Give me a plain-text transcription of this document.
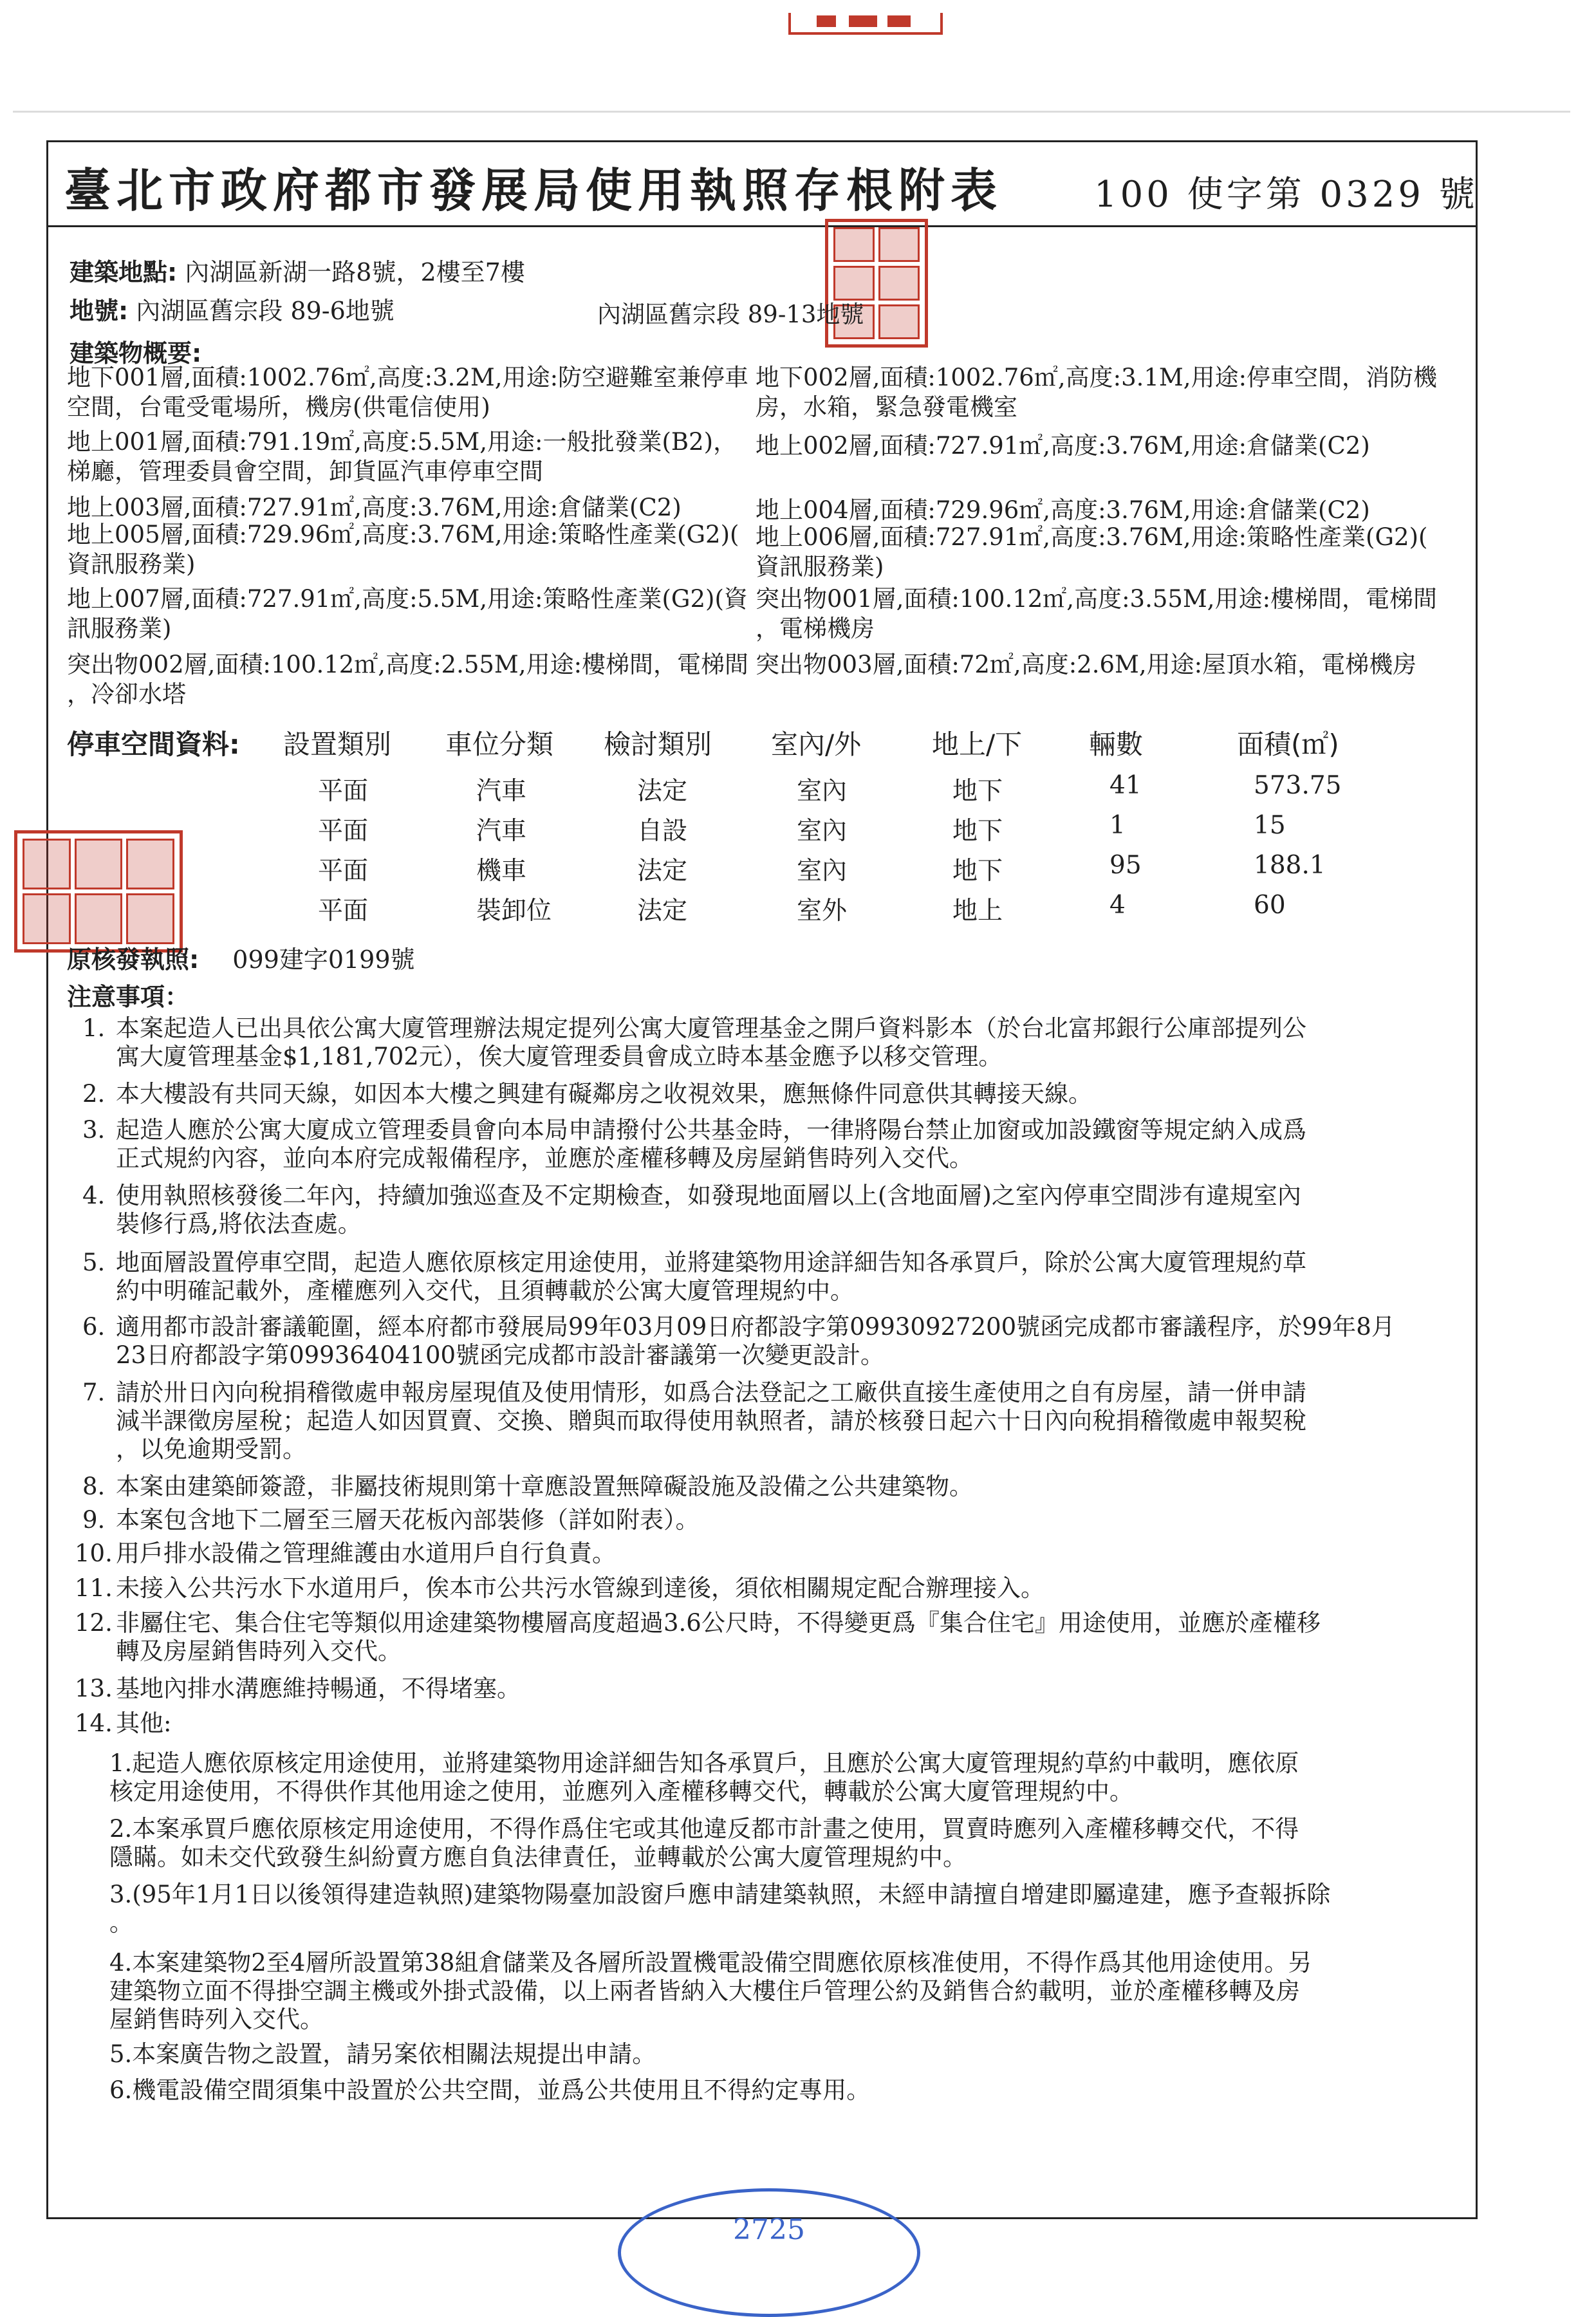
臺北市政府都市發展局使用執照存根附表	100 使字第 0329 號
建築地點: 內湖區新湖一路8號，2樓至7樓
地號: 內湖區舊宗段 89-6地號	內湖區舊宗段 89-13地號
建築物概要:
地下001層,面積:1002.76㎡,高度:3.2M,用途:防空避難室兼停車
空間，台電受電場所，機房(供電信使用)
地下002層,面積:1002.76㎡,高度:3.1M,用途:停車空間，消防機
房，水箱，緊急發電機室
地上001層,面積:791.19㎡,高度:5.5M,用途:一般批發業(B2)，
梯廳，管理委員會空間，卸貨區汽車停車空間
地上002層,面積:727.91㎡,高度:3.76M,用途:倉儲業(C2)
地上003層,面積:727.91㎡,高度:3.76M,用途:倉儲業(C2)	地上004層,面積:729.96㎡,高度:3.76M,用途:倉儲業(C2)
地上005層,面積:729.96㎡,高度:3.76M,用途:策略性產業(G2)(
資訊服務業)
地上006層,面積:727.91㎡,高度:3.76M,用途:策略性產業(G2)(
資訊服務業)
地上007層,面積:727.91㎡,高度:5.5M,用途:策略性產業(G2)(資
訊服務業)
突出物001層,面積:100.12㎡,高度:3.55M,用途:樓梯間，電梯間
，電梯機房
突出物002層,面積:100.12㎡,高度:2.55M,用途:樓梯間，電梯間
，冷卻水塔
突出物003層,面積:72㎡,高度:2.6M,用途:屋頂水箱，電梯機房
停車空間資料: 設置類別 車位分類 檢討類別 室內/外	地上/下 輛數	面積(㎡)
平面	汽車	法定	室內	地下	41	573.75
平面	汽車	自設	室內	地下	1	15
平面	機車	法定	室內	地下	95	188.1
平面	裝卸位	法定	室外	地上	4	60
原核發執照: 099建字0199號
注意事項：
1. 本案起造人已出具依公寓大廈管理辦法規定提列公寓大廈管理基金之開戶資料影本（於台北富邦銀行公庫部提列公
寓大廈管理基金$1,181,702元），俟大廈管理委員會成立時本基金應予以移交管理。
2. 本大樓設有共同天線，如因本大樓之興建有礙鄰房之收視效果，應無條件同意供其轉接天線。
3. 起造人應於公寓大廈成立管理委員會向本局申請撥付公共基金時，一律將陽台禁止加窗或加設鐵窗等規定納入成爲
正式規約內容，並向本府完成報備程序，並應於產權移轉及房屋銷售時列入交代。
4. 使用執照核發後二年內，持續加強巡查及不定期檢查，如發現地面層以上(含地面層)之室內停車空間涉有違規室內
裝修行爲,將依法查處。
5. 地面層設置停車空間，起造人應依原核定用途使用，並將建築物用途詳細告知各承買戶，除於公寓大廈管理規約草
約中明確記載外，產權應列入交代，且須轉載於公寓大廈管理規約中。
6. 適用都市設計審議範圍，經本府都市發展局99年03月09日府都設字第09930927200號函完成都市審議程序，於99年8月
23日府都設字第09936404100號函完成都市設計審議第一次變更設計。
7. 請於卅日內向稅捐稽徵處申報房屋現值及使用情形，如爲合法登記之工廠供直接生產使用之自有房屋，請一併申請
減半課徵房屋稅；起造人如因買賣、交換、贈與而取得使用執照者，請於核發日起六十日內向稅捐稽徵處申報契稅
，以免逾期受罰。
8. 本案由建築師簽證，非屬技術規則第十章應設置無障礙設施及設備之公共建築物。
9. 本案包含地下二層至三層天花板內部裝修（詳如附表）。
10. 用戶排水設備之管理維護由水道用戶自行負責。
11. 未接入公共污水下水道用戶，俟本市公共污水管線到達後，須依相關規定配合辦理接入。
12. 非屬住宅、集合住宅等類似用途建築物樓層高度超過3.6公尺時，不得變更爲『集合住宅』用途使用，並應於產權移
轉及房屋銷售時列入交代。
13. 基地內排水溝應維持暢通，不得堵塞。
14. 其他:
1.起造人應依原核定用途使用，並將建築物用途詳細告知各承買戶，且應於公寓大廈管理規約草約中載明，應依原
核定用途使用，不得供作其他用途之使用，並應列入產權移轉交代，轉載於公寓大廈管理規約中。
2.本案承買戶應依原核定用途使用，不得作爲住宅或其他違反都市計畫之使用，買賣時應列入產權移轉交代，不得
隱瞞。如未交代致發生糾紛賣方應自負法律責任，並轉載於公寓大廈管理規約中。
3.(95年1月1日以後領得建造執照)建築物陽臺加設窗戶應申請建築執照，未經申請擅自增建即屬違建，應予查報拆除
。
4.本案建築物2至4層所設置第38組倉儲業及各層所設置機電設備空間應依原核准使用，不得作爲其他用途使用。另
建築物立面不得掛空調主機或外掛式設備，以上兩者皆納入大樓住戶管理公約及銷售合約載明，並於產權移轉及房
屋銷售時列入交代。
5.本案廣告物之設置，請另案依相關法規提出申請。
6.機電設備空間須集中設置於公共空間，並爲公共使用且不得約定專用。
2725
